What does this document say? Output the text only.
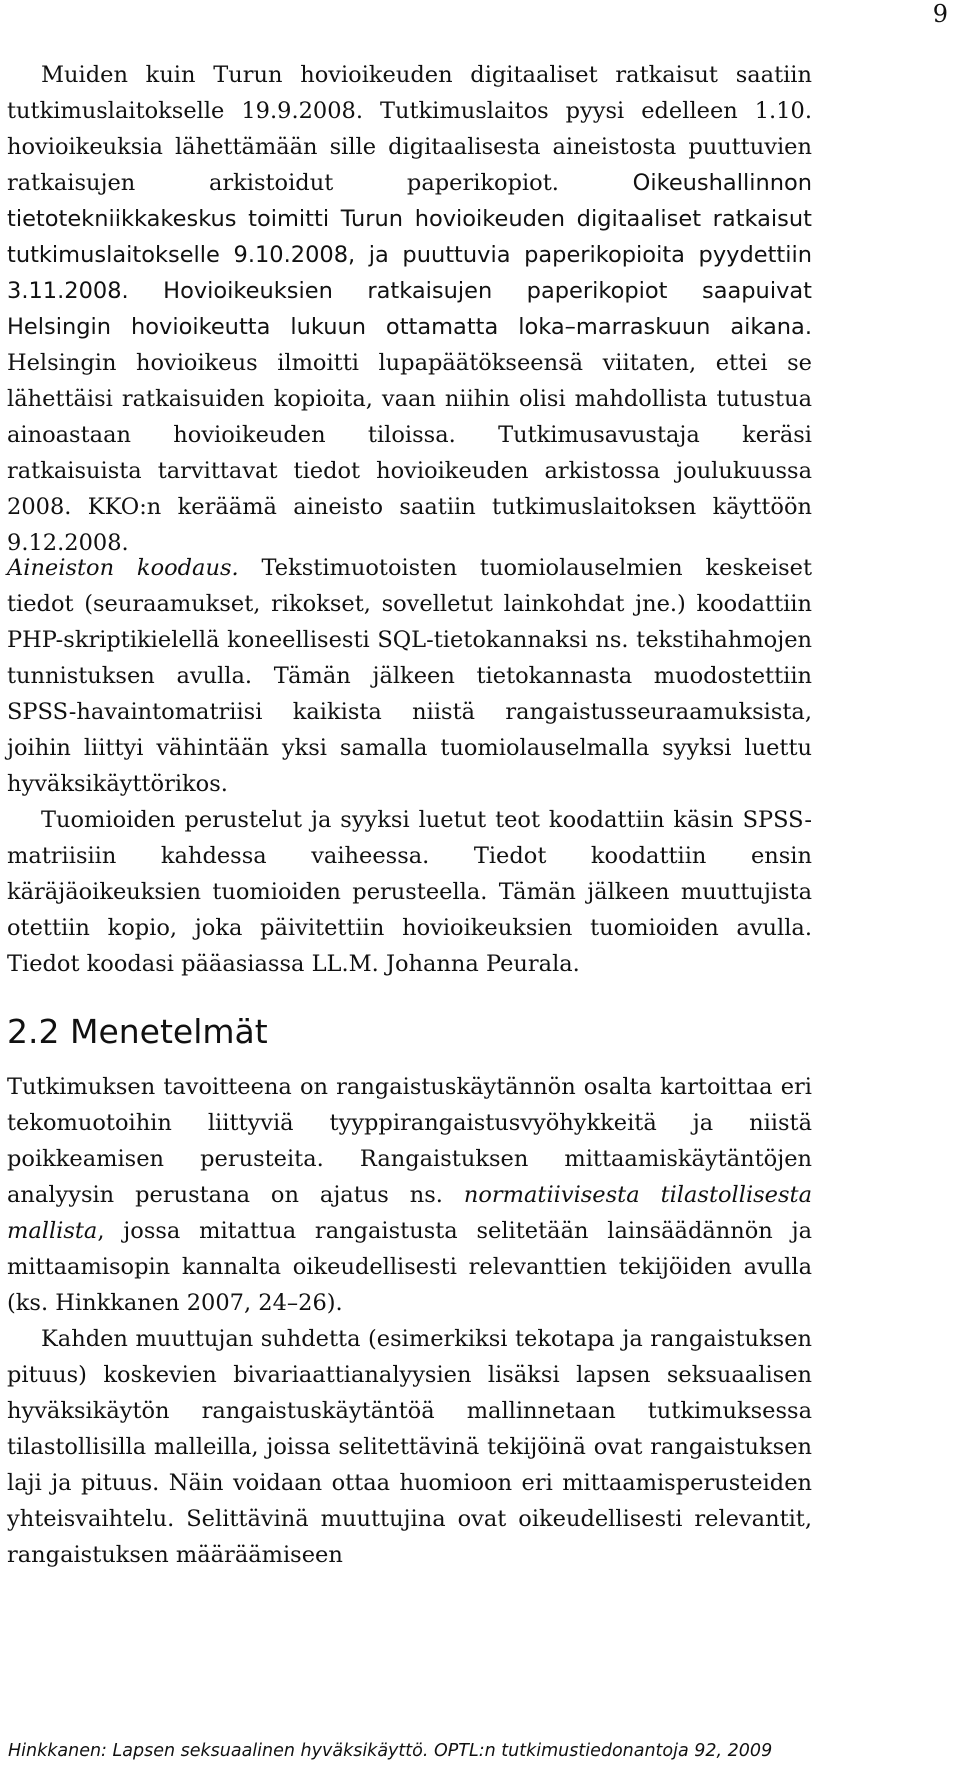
9

Muiden kuin Turun hovioikeuden digitaaliset ratkaisut saatiin tutkimuslaitokselle 19.9.2008. Tutkimuslaitos pyysi edelleen 1.10. hovioikeuksia lähettämään sille digitaalisesta aineistosta puuttuvien ratkaisujen arkistoidut paperikopiot.	Oikeushallinnon tietotekniikkakeskus toimitti Turun hovioikeuden digitaaliset ratkaisut tutkimuslaitokselle 9.10.2008, ja puuttuvia paperikopioita pyydettiin 3.11.2008. Hovioikeuksien ratkaisujen paperikopiot saapuivat Helsingin hovioikeutta lukuun ottamatta loka–marraskuun aikana. Helsingin hovioikeus ilmoitti lupapäätökseensä viitaten, ettei se lähettäisi ratkaisuiden kopioita, vaan niihin olisi mahdollista tutustua ainoastaan hovioikeuden tiloissa. Tutkimusavustaja keräsi ratkaisuista tarvittavat tiedot hovioikeuden arkistossa joulukuussa 2008. KKO:n keräämä aineisto saatiin tutkimuslaitoksen käyttöön 9.12.2008.

Aineiston koodaus. Tekstimuotoisten tuomiolauselmien keskeiset tiedot (seuraamukset, rikokset, sovelletut lainkohdat jne.) koodattiin PHP-skriptikielellä koneellisesti SQL-tietokannaksi ns. tekstihahmojen tunnistuksen avulla. Tämän jälkeen tietokannasta muodostettiin SPSS-havaintomatriisi kaikista niistä rangaistusseuraamuksista, joihin liittyi vähintään yksi samalla tuomiolauselmalla syyksi luettu hyväksikäyttörikos.

Tuomioiden perustelut ja syyksi luetut teot koodattiin käsin SPSS-matriisiin kahdessa vaiheessa. Tiedot koodattiin ensin käräjäoikeuksien tuomioiden perusteella. Tämän jälkeen muuttujista otettiin kopio, joka päivitettiin hovioikeuksien tuomioiden avulla. Tiedot koodasi pääasiassa LL.M. Johanna Peurala.

2.2 Menetelmät

Tutkimuksen tavoitteena on rangaistuskäytännön osalta kartoittaa eri tekomuotoihin liittyviä tyyppirangaistusvyöhykkeitä ja niistä poikkeamisen perusteita. Rangaistuksen mittaamiskäytäntöjen analyysin perustana on ajatus ns. normatiivisesta tilastollisesta mallista, jossa mitattua rangaistusta selitetään lainsäädännön ja mittaamisopin kannalta oikeudellisesti relevanttien tekijöiden avulla (ks. Hinkkanen 2007, 24–26).

Kahden muuttujan suhdetta (esimerkiksi tekotapa ja rangaistuksen pituus) koskevien bivariaattianalyysien lisäksi lapsen seksuaalisen hyväksikäytön rangaistuskäytäntöä mallinnetaan tutkimuksessa tilastollisilla malleilla, joissa selitettävinä tekijöinä ovat rangaistuksen laji ja pituus. Näin voidaan ottaa huomioon eri mittaamisperusteiden yhteisvaihtelu. Selittävinä muuttujina ovat oikeudellisesti relevantit, rangaistuksen määräämiseen

Hinkkanen: Lapsen seksuaalinen hyväksikäyttö. OPTL:n tutkimustiedonantoja 92, 2009
